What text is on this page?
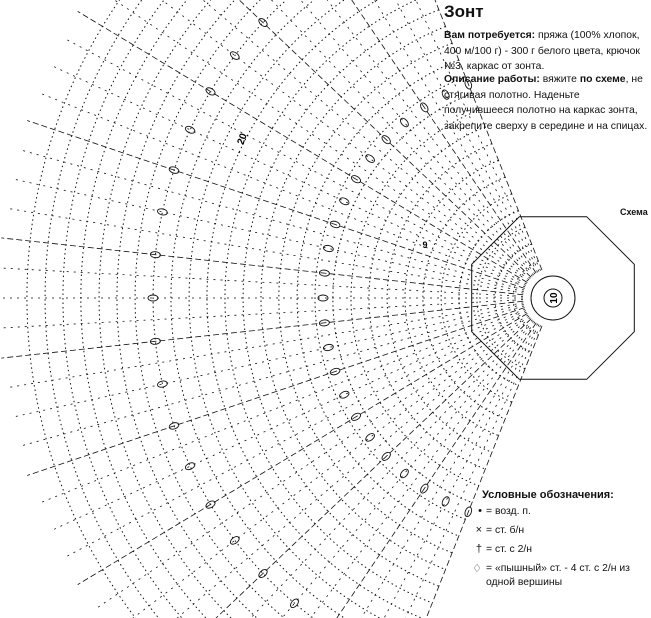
10
9
20
Зонт
Вам потребуется: пряжа (100% хлопок, 400 м/100 г) - 300 г белого цвета, крючок №3, каркас от зонта.
Описание работы: вяжите по схеме, не стягивая полотно. Наденьте получившееся полотно на каркас зонта, закрепите сверху в середине и на спицах.
Схема
Условные обозначения:
• = возд. п.
× = ст. б/н
† = ст. с 2/н
♢ = «пышный» ст. - 4 ст. с 2/н из одной вершины
